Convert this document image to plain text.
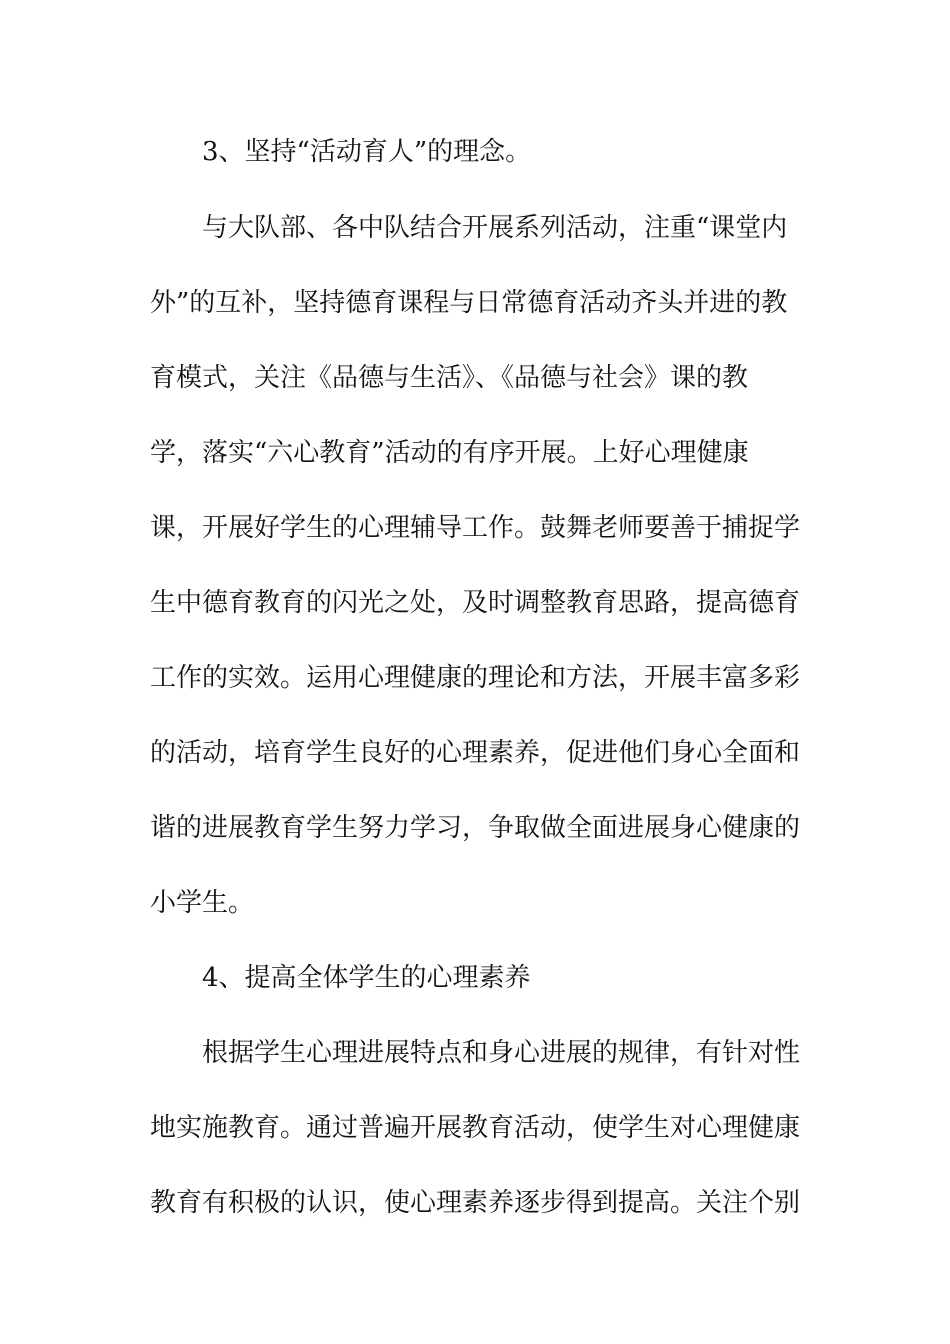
3、坚持“活动育人”的理念。
与大队部、各中队结合开展系列活动，注重“课堂内
外”的互补，坚持德育课程与日常德育活动齐头并进的教
育模式，关注《品德与生活》、《品德与社会》课的教
学，落实“六心教育”活动的有序开展。上好心理健康
课，开展好学生的心理辅导工作。鼓舞老师要善于捕捉学
生中德育教育的闪光之处，及时调整教育思路，提高德育
工作的实效。运用心理健康的理论和方法，开展丰富多彩
的活动，培育学生良好的心理素养，促进他们身心全面和
谐的进展教育学生努力学习，争取做全面进展身心健康的
小学生。
4、提高全体学生的心理素养
根据学生心理进展特点和身心进展的规律，有针对性
地实施教育。通过普遍开展教育活动，使学生对心理健康
教育有积极的认识，使心理素养逐步得到提高。关注个别
